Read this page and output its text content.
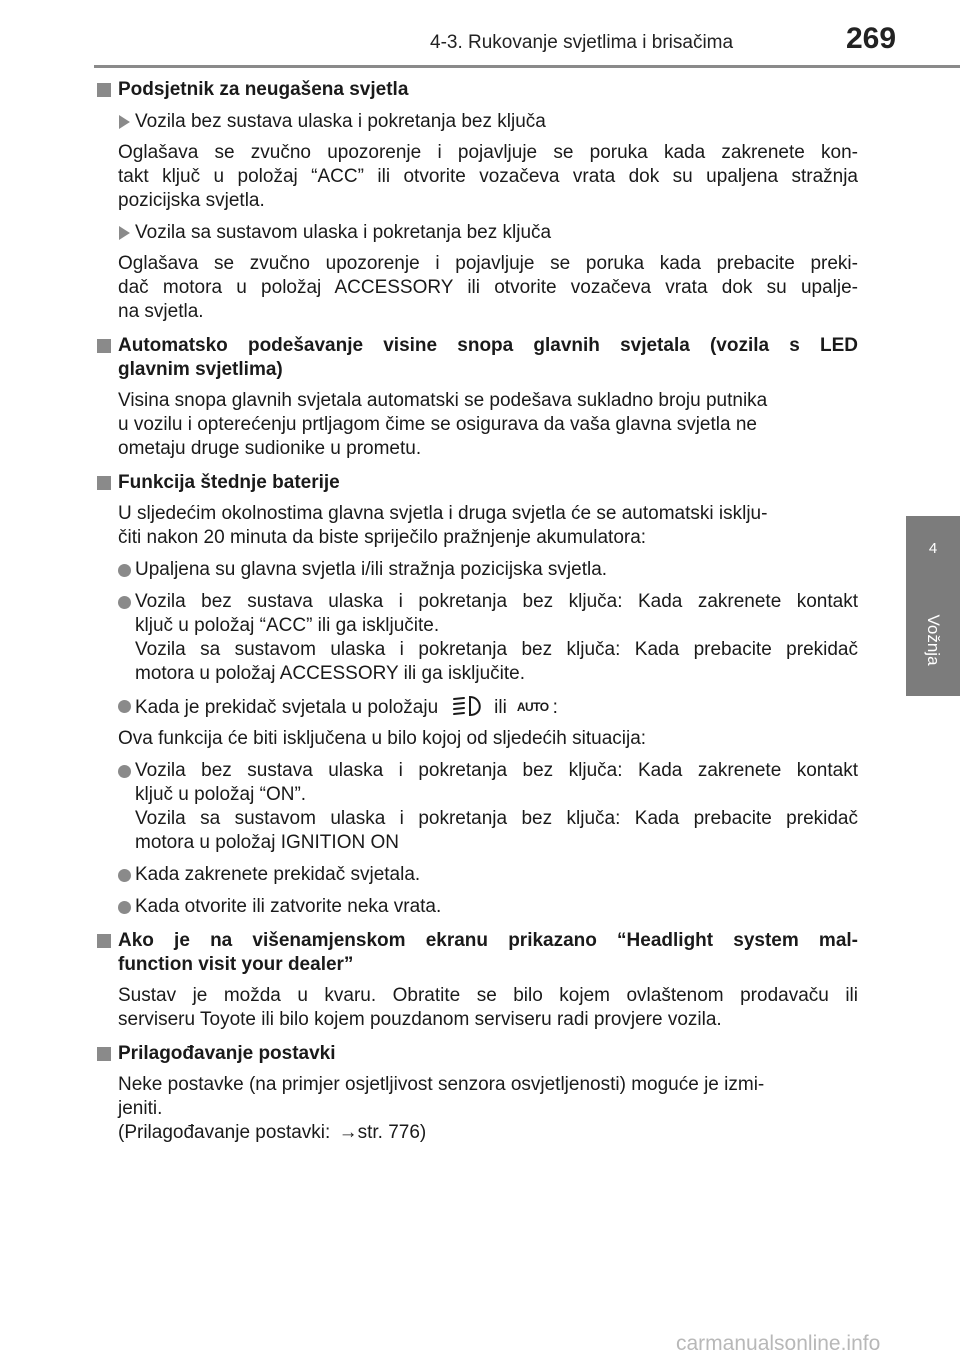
4-3. Rukovanje svjetlima i brisačima	269
4
Vožnja
Podsjetnik za neugašena svjetla
Vozila bez sustava ulaska i pokretanja bez ključa
Oglašava se zvučno upozorenje i pojavljuje se poruka kada zakrenete kon-
takt ključ u položaj “ACC” ili otvorite vozačeva vrata dok su upaljena stražnja
pozicijska svjetla.
Vozila sa sustavom ulaska i pokretanja bez ključa
Oglašava se zvučno upozorenje i pojavljuje se poruka kada prebacite preki-
dač motora u položaj ACCESSORY ili otvorite vozačeva vrata dok su upalje-
na svjetla.
Automatsko podešavanje visine snopa glavnih svjetala (vozila s LED
glavnim svjetlima)
Visina snopa glavnih svjetala automatski se podešava sukladno broju putnika
u vozilu i opterećenju prtljagom čime se osigurava da vaša glavna svjetla ne
ometaju druge sudionike u prometu.
Funkcija štednje baterije
U sljedećim okolnostima glavna svjetla i druga svjetla će se automatski isklju-
čiti nakon 20 minuta da biste spriječilo pražnjenje akumulatora:
Upaljena su glavna svjetla i/ili stražnja pozicijska svjetla.
Vozila bez sustava ulaska i pokretanja bez ključa: Kada zakrenete kontakt
ključ u položaj “ACC” ili ga isključite.
Vozila sa sustavom ulaska i pokretanja bez ključa: Kada prebacite prekidač
motora u položaj ACCESSORY ili ga isključite.
Kada je prekidač svjetala u položaju	ili AUTO :
Ova funkcija će biti isključena u bilo kojoj od sljedećih situacija:
Vozila bez sustava ulaska i pokretanja bez ključa: Kada zakrenete kontakt
ključ u položaj “ON”.
Vozila sa sustavom ulaska i pokretanja bez ključa: Kada prebacite prekidač
motora u položaj IGNITION ON
Kada zakrenete prekidač svjetala.
Kada otvorite ili zatvorite neka vrata.
Ako je na višenamjenskom ekranu prikazano “Headlight system mal-
function visit your dealer”
Sustav je možda u kvaru. Obratite se bilo kojem ovlaštenom prodavaču ili
serviseru Toyote ili bilo kojem pouzdanom serviseru radi provjere vozila.
Prilagođavanje postavki
Neke postavke (na primjer osjetljivost senzora osvjetljenosti) moguće je izmi-
jeniti.
(Prilagođavanje postavki: →str. 776)
carmanualsonline.info
